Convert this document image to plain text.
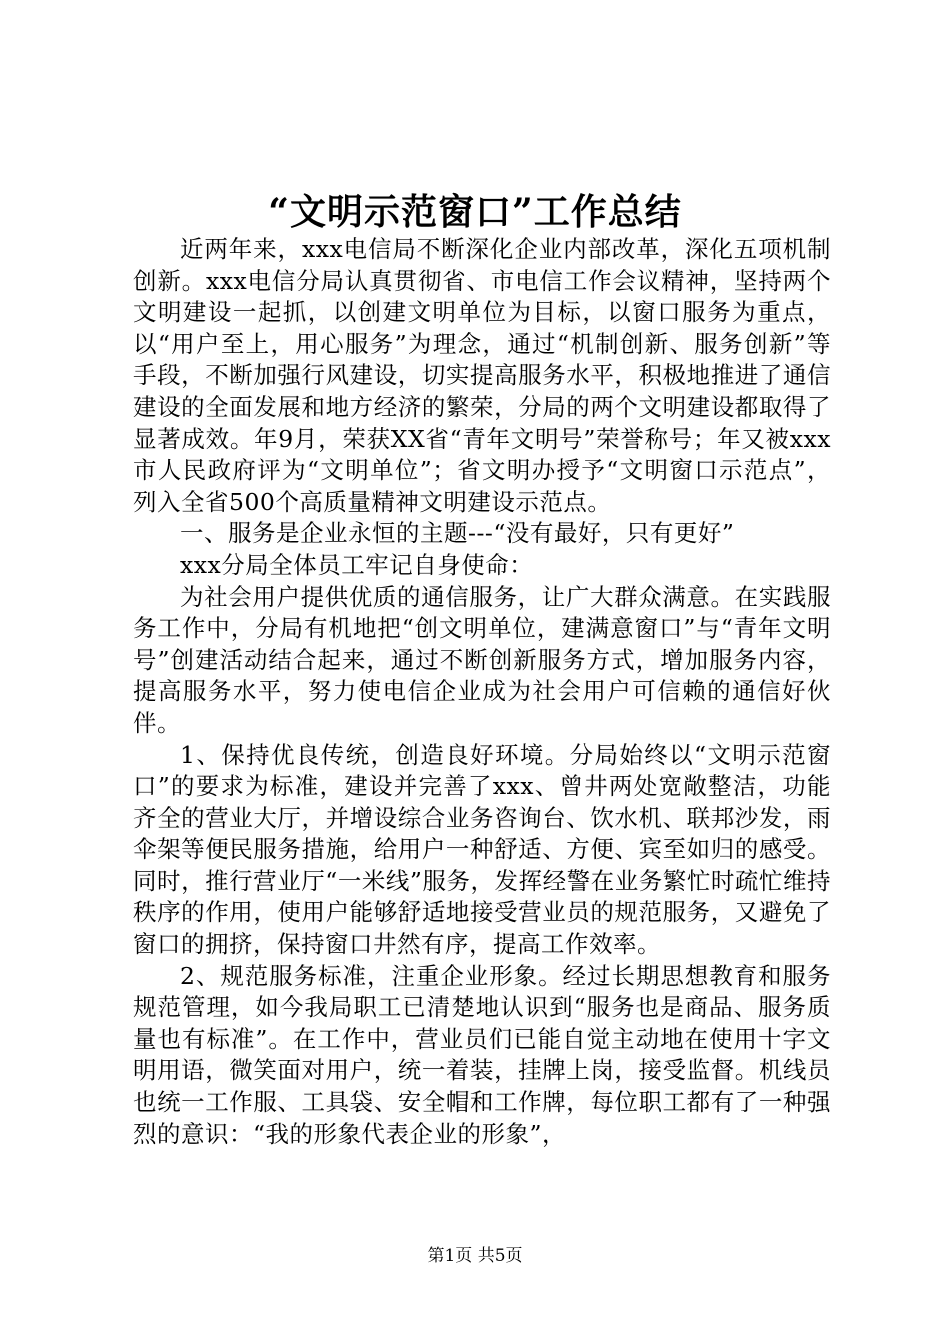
“文明示范窗口”工作总结

近两年来，xxx电信局不断深化企业内部改革，深化五项机制创新。xxx电信分局认真贯彻省、市电信工作会议精神，坚持两个文明建设一起抓，以创建文明单位为目标，以窗口服务为重点，以“用户至上，用心服务”为理念，通过“机制创新、服务创新”等手段，不断加强行风建设，切实提高服务水平，积极地推进了通信建设的全面发展和地方经济的繁荣，分局的两个文明建设都取得了显著成效。年9月，荣获XX省“青年文明号”荣誉称号；年又被xxx市人民政府评为“文明单位”；省文明办授予“文明窗口示范点”，列入全省500个高质量精神文明建设示范点。

一、服务是企业永恒的主题---“没有最好，只有更好”

xxx分局全体员工牢记自身使命：

为社会用户提供优质的通信服务，让广大群众满意。在实践服务工作中，分局有机地把“创文明单位，建满意窗口”与“青年文明号”创建活动结合起来，通过不断创新服务方式，增加服务内容，提高服务水平，努力使电信企业成为社会用户可信赖的通信好伙伴。

1、保持优良传统，创造良好环境。分局始终以“文明示范窗口”的要求为标准，建设并完善了xxx、曾井两处宽敞整洁，功能齐全的营业大厅，并增设综合业务咨询台、饮水机、联邦沙发，雨伞架等便民服务措施，给用户一种舒适、方便、宾至如归的感受。同时，推行营业厅“一米线”服务，发挥经警在业务繁忙时疏忙维持秩序的作用，使用户能够舒适地接受营业员的规范服务，又避免了窗口的拥挤，保持窗口井然有序，提高工作效率。

2、规范服务标准，注重企业形象。经过长期思想教育和服务规范管理，如今我局职工已清楚地认识到“服务也是商品、服务质量也有标准”。在工作中，营业员们已能自觉主动地在使用十字文明用语，微笑面对用户，统一着装，挂牌上岗，接受监督。机线员也统一工作服、工具袋、安全帽和工作牌，每位职工都有了一种强烈的意识：“我的形象代表企业的形象”，

第1页 共5页
